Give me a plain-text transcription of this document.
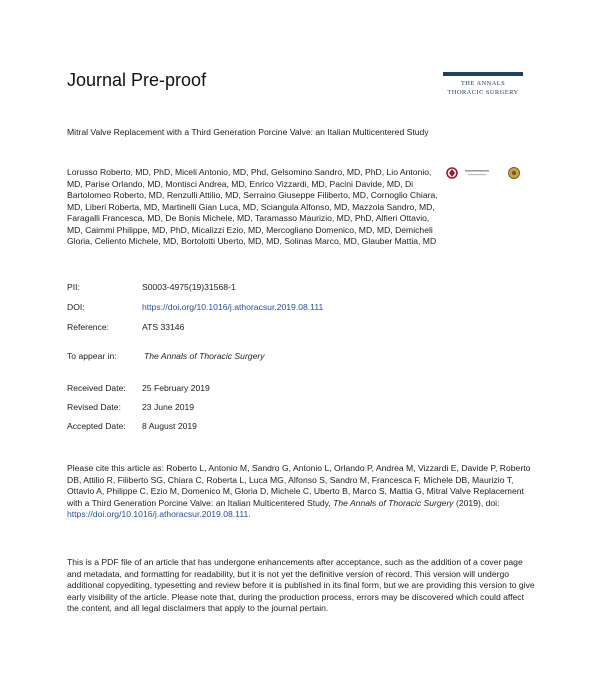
Journal Pre-proof	THE ANNALS
THORACIC SURGERY
Mitral Valve Replacement with a Third Generation Porcine Valve: an Italian Multicentered Study
Lorusso Roberto, MD, PhD, Miceli Antonio, MD, Phd, Gelsomino Sandro, MD, PhD, Lio Antonio, MD, Parise Orlando, MD, Montisci Andrea, MD, Enrico Vizzardi, MD, Pacini Davide, MD, Di Bartolomeo Roberto, MD, Renzulli Attilio, MD, Serraino Giuseppe Filiberto, MD, Cornoglio Chiara, MD, Liberi Roberta, MD, Martinelli Gian Luca, MD, Sciangula Alfonso, MD, Mazzola Sandro, MD, Faragalli Francesca, MD, De Bonis Michele, MD, Taramasso Maurizio, MD, PhD, Alfieri Ottavio, MD, Caimmi Philippe, MD, PhD, Micalizzi Ezio, MD, Mercogliano Domenico, MD, MD, Demicheli Gloria, Celiento Michele, MD, Bortolotti Uberto, MD, MD, Solinas Marco, MD, Glauber Mattia, MD
PII:	S0003-4975(19)31568-1
DOI:	https://doi.org/10.1016/j.athoracsur.2019.08.111
Reference:	ATS 33146
To appear in:	The Annals of Thoracic Surgery
Received Date: 25 February 2019
Revised Date: 23 June 2019
Accepted Date: 8 August 2019
Please cite this article as: Roberto L, Antonio M, Sandro G, Antonio L, Orlando P, Andrea M, Vizzardi E, Davide P, Roberto DB, Attilio R, Filiberto SG, Chiara C, Roberta L, Luca MG, Alfonso S, Sandro M, Francesca F, Michele DB, Maurizio T, Ottavio A, Philippe C, Ezio M, Domenico M, Gloria D, Michele C, Uberto B, Marco S, Mattia G, Mitral Valve Replacement with a Third Generation Porcine Valve: an Italian Multicentered Study, The Annals of Thoracic Surgery (2019), doi: https://doi.org/10.1016/j.athoracsur.2019.08.111.
This is a PDF file of an article that has undergone enhancements after acceptance, such as the addition of a cover page and metadata, and formatting for readability, but it is not yet the definitive version of record. This version will undergo additional copyediting, typesetting and review before it is published in its final form, but we are providing this version to give early visibility of the article. Please note that, during the production process, errors may be discovered which could affect the content, and all legal disclaimers that apply to the journal pertain.
